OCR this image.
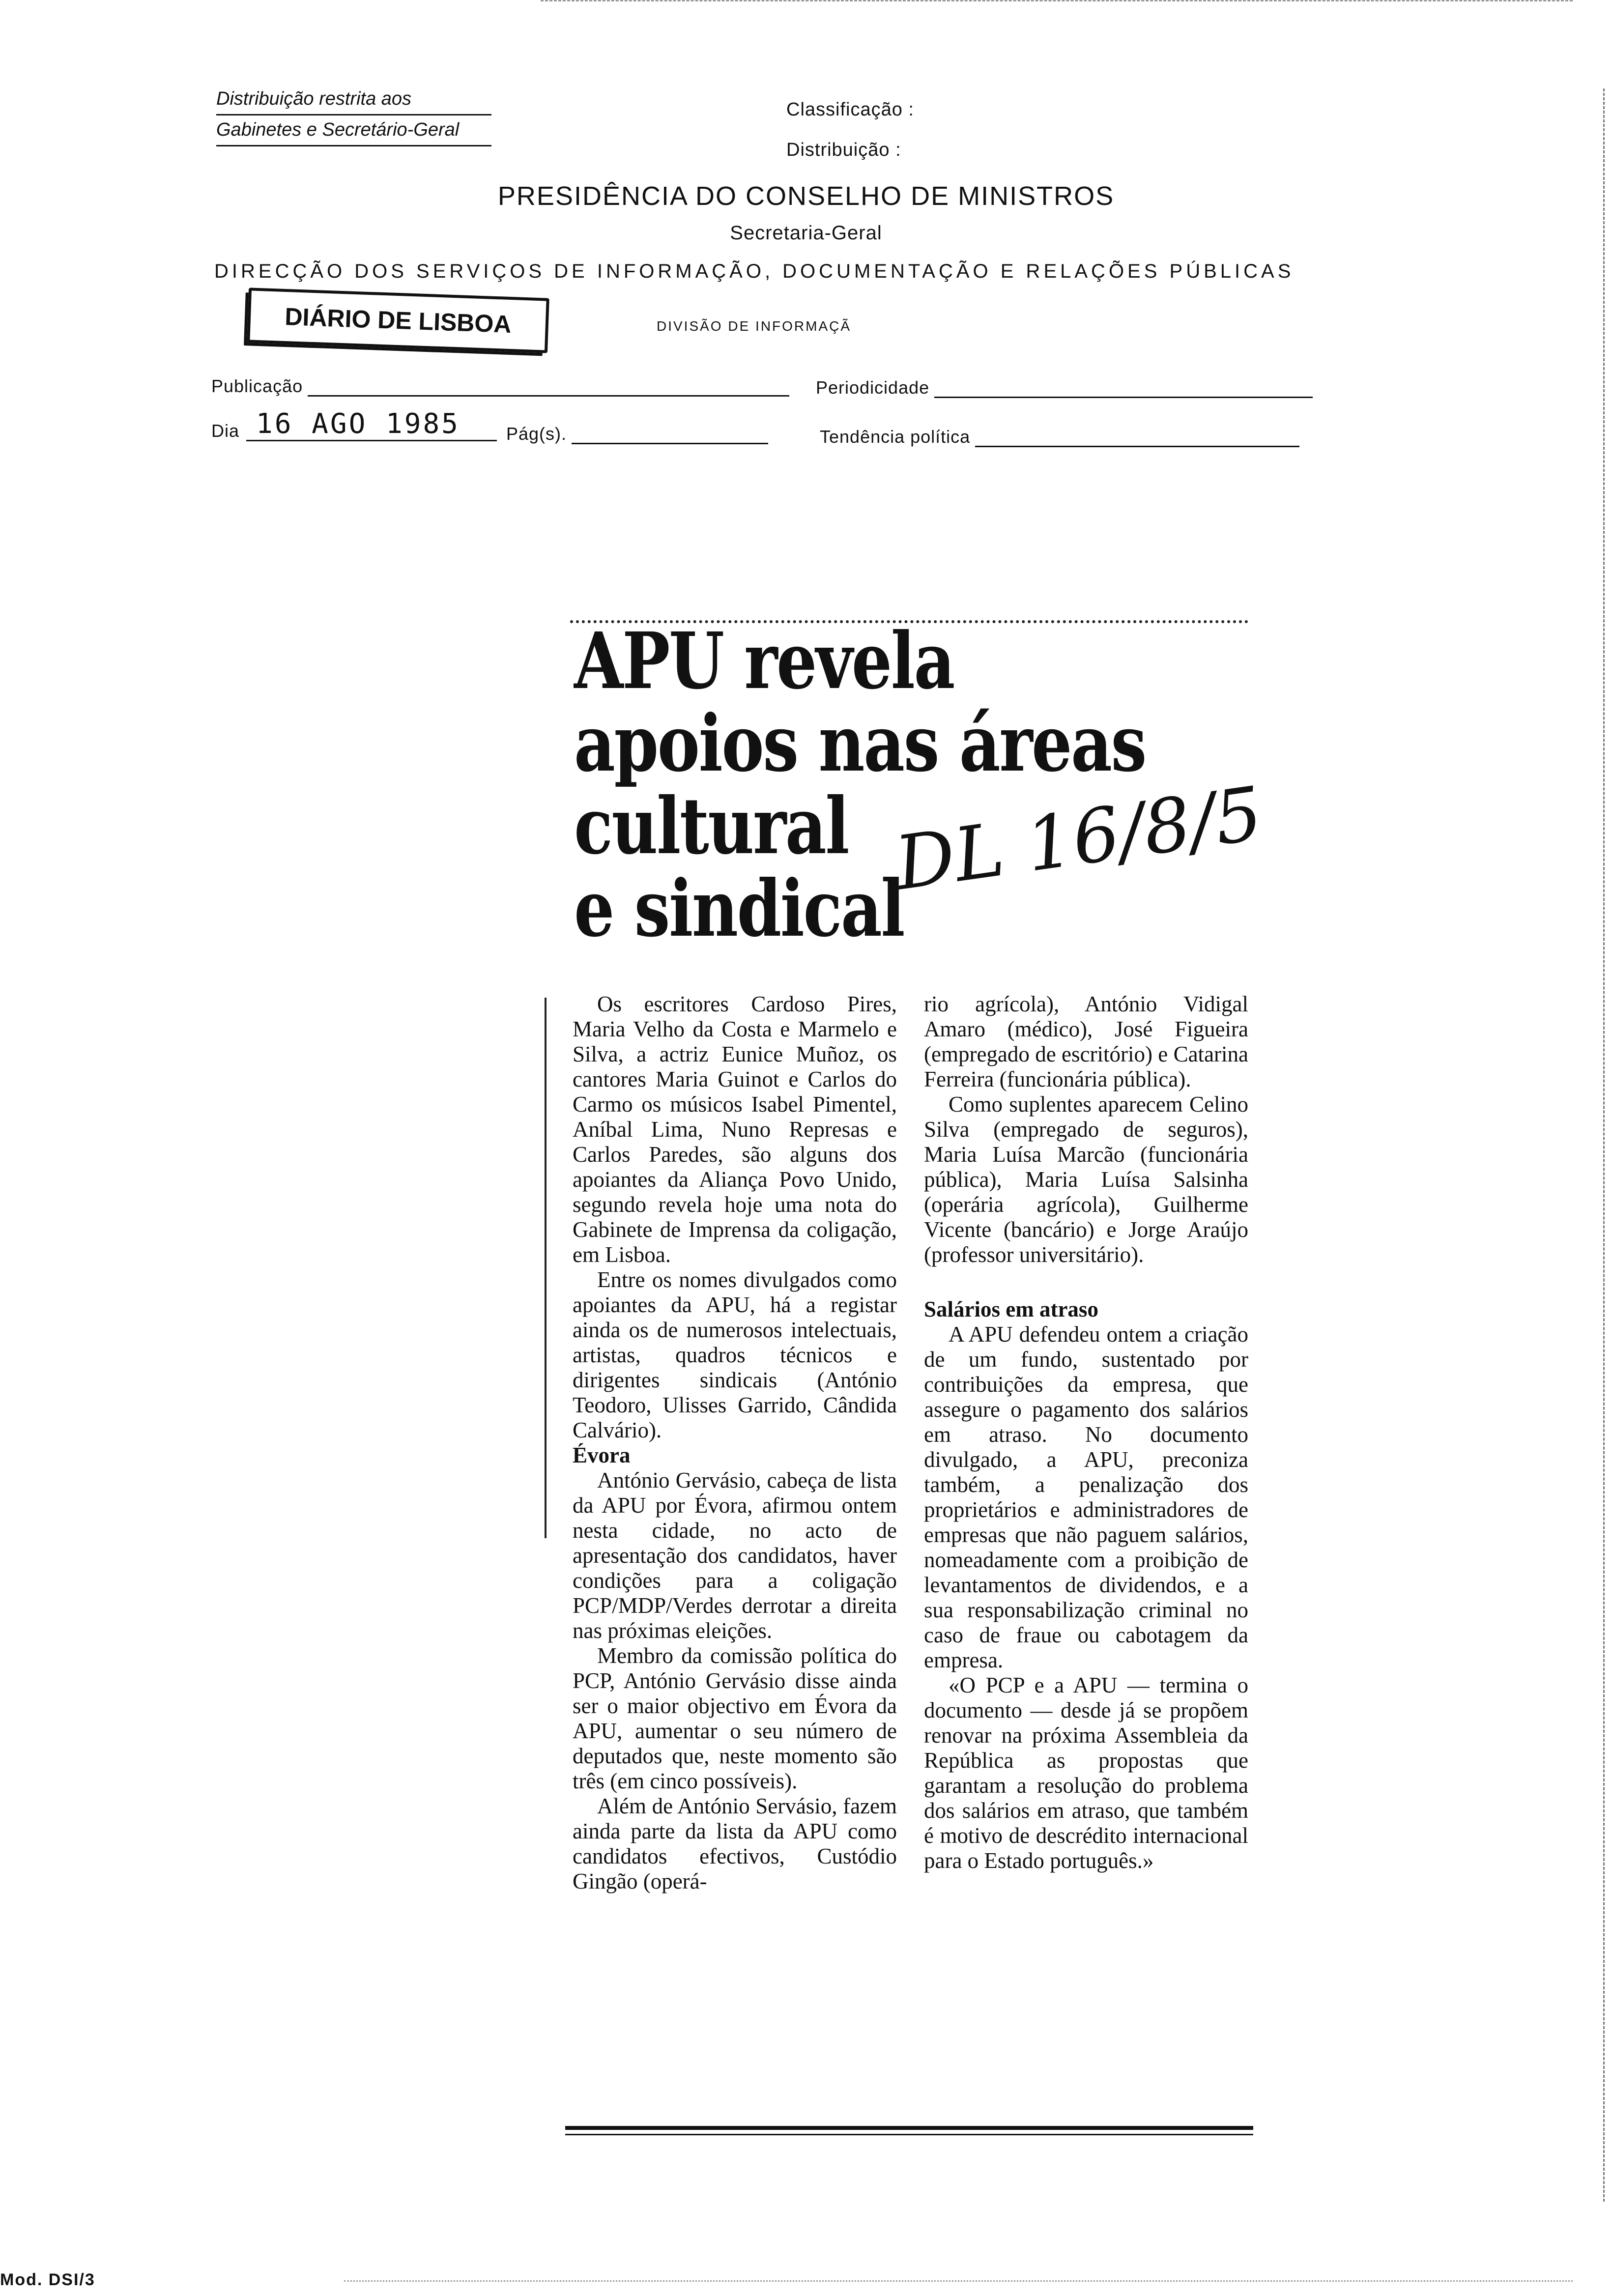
Distribuição restrita aos
Gabinetes e Secretário-Geral
Classificação :
Distribuição :
PRESIDÊNCIA DO CONSELHO DE MINISTROS
Secretaria-Geral
DIRECÇÃO DOS SERVIÇOS DE INFORMAÇÃO, DOCUMENTAÇÃO E RELAÇÕES PÚBLICAS
DIÁRIO DE LISBOA	DIVISÃO DE INFORMAÇÃ
Publicação	Periodicidade
Dia 16 AGO 1985	Pág(s).	Tendência política
APU revela
apoios nas áreas
cultural
e sindical
DL 16/8/5

Os escritores Cardoso Pires, Maria Velho da Costa e Marmelo e Silva, a actriz Eunice Muñoz, os cantores Maria Guinot e Carlos do Carmo os músicos Isabel Pimentel, Aníbal Lima, Nuno Represas e Carlos Paredes, são alguns dos apoiantes da Aliança Povo Unido, segundo revela hoje uma nota do Gabinete de Imprensa da coligação, em Lisboa.

Entre os nomes divulgados como apoiantes da APU, há a registar ainda os de numerosos intelectuais, artistas, quadros técnicos e dirigentes sindicais (António Teodoro, Ulisses Garrido, Cândida Calvário).

Évora

António Gervásio, cabeça de lista da APU por Évora, afirmou ontem nesta cidade, no acto de apresentação dos candidatos, haver condições para a coligação PCP/MDP/Verdes derrotar a direita nas próximas eleições.

Membro da comissão política do PCP, António Gervásio disse ainda ser o maior objectivo em Évora da APU, aumentar o seu número de deputados que, neste momento são três (em cinco possíveis).

Além de António Servásio, fazem ainda parte da lista da APU como candidatos efectivos, Custódio Gingão (operá-

rio agrícola), António Vidigal Amaro (médico), José Figueira (empregado de escritório) e Catarina Ferreira (funcionária pública).

Como suplentes aparecem Celino Silva (empregado de seguros), Maria Luísa Marcão (funcionária pública), Maria Luísa Salsinha (operária agrícola), Guilherme Vicente (bancário) e Jorge Araújo (professor universitário).

Salários em atraso

A APU defendeu ontem a criação de um fundo, sustentado por contribuições da empresa, que assegure o pagamento dos salários em atraso. No documento divulgado, a APU, preconiza também, a penalização dos proprietários e administradores de empresas que não paguem salários, nomeadamente com a proibição de levantamentos de dividendos, e a sua responsabilização criminal no caso de fraue ou cabotagem da empresa.

«O PCP e a APU — termina o documento — desde já se propõem renovar na próxima Assembleia da República as propostas que garantam a resolução do problema dos salários em atraso, que também é motivo de descrédito internacional para o Estado português.»

Mod. DSI/3
